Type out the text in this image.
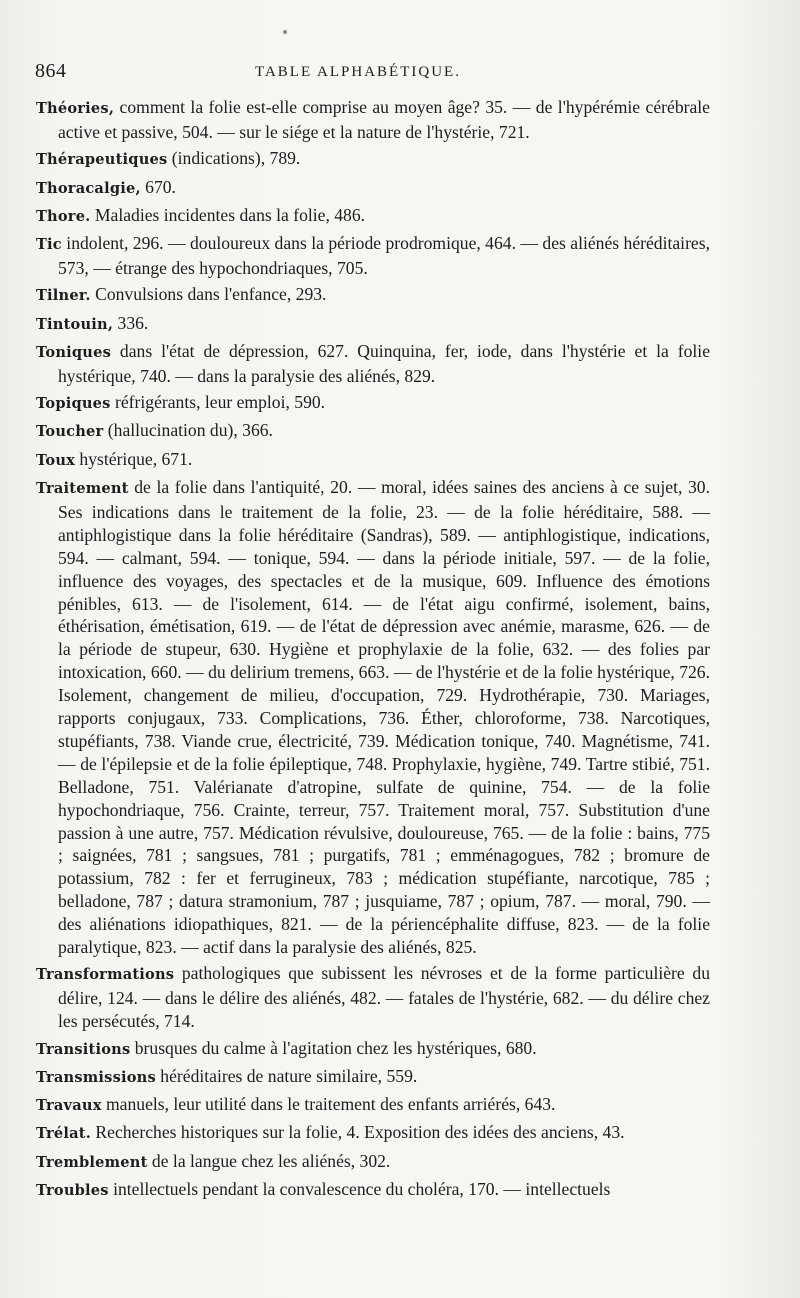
864	TABLE ALPHABÉTIQUE.

Théories, comment la folie est-elle comprise au moyen âge? 35. — de l'hypérémie cérébrale active et passive, 504. — sur le siége et la nature de l'hystérie, 721.

Thérapeutiques (indications), 789.

Thoracalgie, 670.

Thore. Maladies incidentes dans la folie, 486.

Tic indolent, 296. — douloureux dans la période prodromique, 464. — des aliénés héréditaires, 573, — étrange des hypochondriaques, 705.

Tilner. Convulsions dans l'enfance, 293.

Tintouin, 336.

Toniques dans l'état de dépression, 627. Quinquina, fer, iode, dans l'hystérie et la folie hystérique, 740. — dans la paralysie des aliénés, 829.

Topiques réfrigérants, leur emploi, 590.

Toucher (hallucination du), 366.

Toux hystérique, 671.

Traitement de la folie dans l'antiquité, 20. — moral, idées saines des anciens à ce sujet, 30. Ses indications dans le traitement de la folie, 23. — de la folie héréditaire, 588. — antiphlogistique dans la folie héréditaire (Sandras), 589. — antiphlogistique, indications, 594. — calmant, 594. — tonique, 594. — dans la période initiale, 597. — de la folie, influence des voyages, des spectacles et de la musique, 609. Influence des émotions pénibles, 613. — de l'isolement, 614. — de l'état aigu confirmé, isolement, bains, éthérisation, émétisation, 619. — de l'état de dépression avec anémie, marasme, 626. — de la période de stupeur, 630. Hygiène et prophylaxie de la folie, 632. — des folies par intoxication, 660. — du delirium tremens, 663. — de l'hystérie et de la folie hystérique, 726. Isolement, changement de milieu, d'occupation, 729. Hydrothérapie, 730. Mariages, rapports conjugaux, 733. Complications, 736. Éther, chloroforme, 738. Narcotiques, stupéfiants, 738. Viande crue, électricité, 739. Médication tonique, 740. Magnétisme, 741. — de l'épilepsie et de la folie épileptique, 748. Prophylaxie, hygiène, 749. Tartre stibié, 751. Belladone, 751. Valérianate d'atropine, sulfate de quinine, 754. — de la folie hypochondriaque, 756. Crainte, terreur, 757. Traitement moral, 757. Substitution d'une passion à une autre, 757. Médication révulsive, douloureuse, 765. — de la folie : bains, 775 ; saignées, 781 ; sangsues, 781 ; purgatifs, 781 ; emménagogues, 782 ; bromure de potassium, 782 : fer et ferrugineux, 783 ; médication stupéfiante, narcotique, 785 ; belladone, 787 ; datura stramonium, 787 ; jusquiame, 787 ; opium, 787. — moral, 790. — des aliénations idiopathiques, 821. — de la périencéphalite diffuse, 823. — de la folie paralytique, 823. — actif dans la paralysie des aliénés, 825.

Transformations pathologiques que subissent les névroses et de la forme particulière du délire, 124. — dans le délire des aliénés, 482. — fatales de l'hystérie, 682. — du délire chez les persécutés, 714.

Transitions brusques du calme à l'agitation chez les hystériques, 680.

Transmissions héréditaires de nature similaire, 559.

Travaux manuels, leur utilité dans le traitement des enfants arriérés, 643.

Trélat. Recherches historiques sur la folie, 4. Exposition des idées des anciens, 43.

Tremblement de la langue chez les aliénés, 302.

Troubles intellectuels pendant la convalescence du choléra, 170. — intellectuels
